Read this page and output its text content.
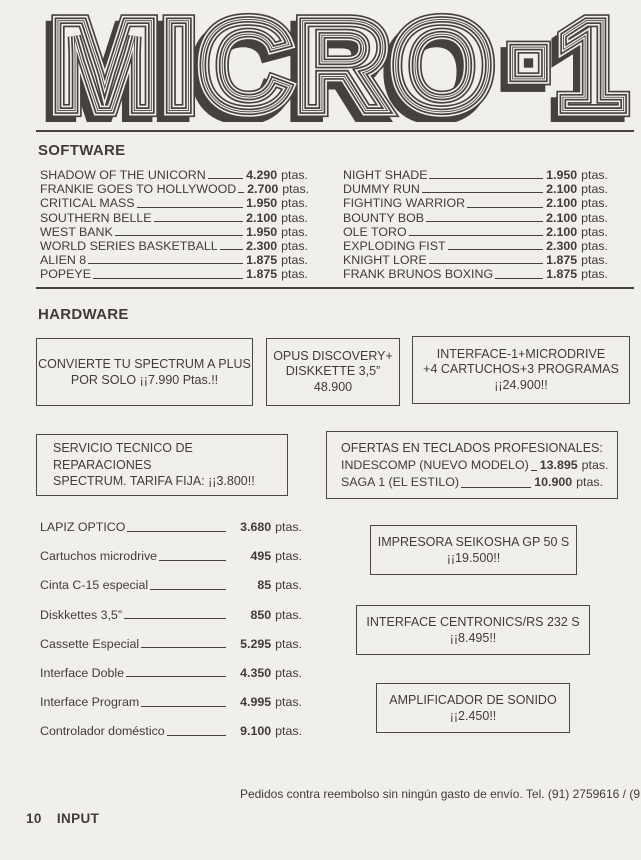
SOFTWARE
SHADOW OF THE UNICORN	4.290 ptas.
FRANKIE GOES TO HOLLYWOOD 2.700 ptas.
CRITICAL MASS	1.950 ptas.
SOUTHERN BELLE	2.100 ptas.
WEST BANK	1.950 ptas.
WORLD SERIES BASKETBALL 2.300 ptas.
ALIEN 8	1.875 ptas.
POPEYE	1.875 ptas.
NIGHT SHADE	1.950 ptas.
DUMMY RUN	2.100 ptas.
FIGHTING WARRIOR	2.100 ptas.
BOUNTY BOB	2.100 ptas.
OLE TORO	2.100 ptas.
EXPLODING FIST	2.300 ptas.
KNIGHT LORE	1.875 ptas.
FRANK BRUNOS BOXING	1.875 ptas.
HARDWARE
CONVIERTE TU SPECTRUM A PLUS
POR SOLO ¡¡7.990 Ptas.!!
OPUS DISCOVERY+
DISKKETTE 3,5”
48.900
INTERFACE-1+MICRODRIVE
+4 CARTUCHOS+3 PROGRAMAS
¡¡24.900!!
SERVICIO TECNICO DE REPARACIONES
SPECTRUM. TARIFA FIJA: ¡¡3.800!!
OFERTAS EN TECLADOS PROFESIONALES:
INDESCOMP (NUEVO MODELO) 13.895 ptas.
SAGA 1 (EL ESTILO)	10.900 ptas.
LAPIZ OPTICO	3.680 ptas.
Cartuchos microdrive	495 ptas.
Cinta C-15 especial	85 ptas.
Diskkettes 3,5”	850 ptas.
Cassette Especial	5.295 ptas.
Interface Doble	4.350 ptas.
Interface Program	4.995 ptas.
Controlador doméstico	9.100 ptas.
IMPRESORA SEIKOSHA GP 50 S
¡¡19.500!!
INTERFACE CENTRONICS/RS 232 S
¡¡8.495!!
AMPLIFICADOR DE SONIDO
¡¡2.450!!
Pedidos contra reembolso sin ningún gasto de envío. Tel. (91) 2759616 / (9
10 INPUT
